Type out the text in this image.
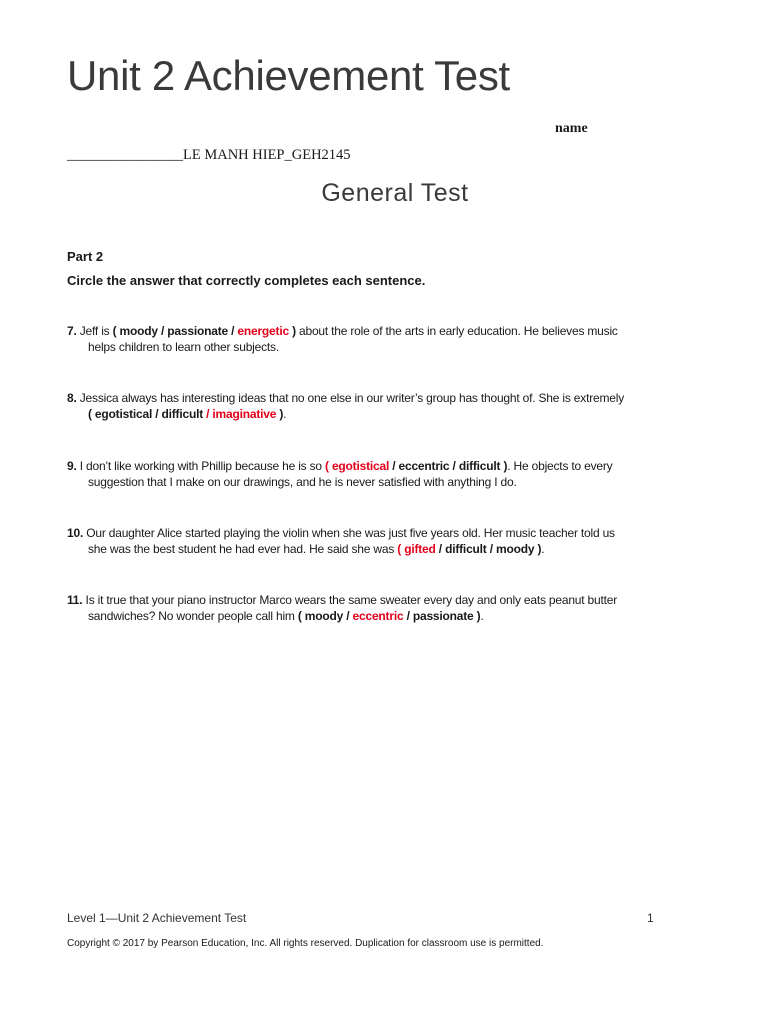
Unit 2 Achievement Test
name
________________LE MANH HIEP_GEH2145
General Test
Part 2
Circle the answer that correctly completes each sentence.
7. Jeff is ( moody / passionate / energetic ) about the role of the arts in early education. He believes music
helps children to learn other subjects.
8. Jessica always has interesting ideas that no one else in our writer’s group has thought of. She is extremely
( egotistical / difficult / imaginative ).
9. I don’t like working with Phillip because he is so ( egotistical / eccentric / difficult ). He objects to every
suggestion that I make on our drawings, and he is never satisfied with anything I do.
10. Our daughter Alice started playing the violin when she was just five years old. Her music teacher told us
she was the best student he had ever had. He said she was ( gifted / difficult / moody ).
11. Is it true that your piano instructor Marco wears the same sweater every day and only eats peanut butter
sandwiches? No wonder people call him ( moody / eccentric / passionate ).
Level 1—Unit 2 Achievement Test	1
Copyright © 2017 by Pearson Education, Inc. All rights reserved. Duplication for classroom use is permitted.
